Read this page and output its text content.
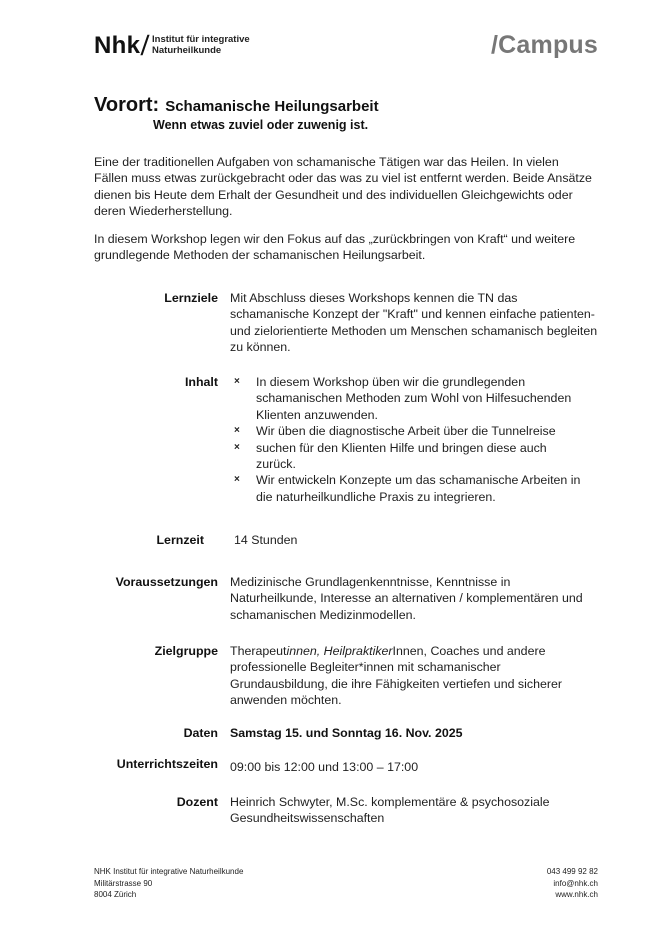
Nhk / Institut für integrative
Naturheilkunde	/Campus
Vorort: Schamanische Heilungsarbeit
Wenn etwas zuviel oder zuwenig ist.

Eine der traditionellen Aufgaben von schamanische Tätigen war das Heilen. In vielen Fällen muss etwas zurückgebracht oder das was zu viel ist entfernt werden. Beide Ansätze dienen bis Heute dem Erhalt der Gesundheit und des individuellen Gleichgewichts oder deren Wiederherstellung.

In diesem Workshop legen wir den Fokus auf das „zurückbringen von Kraft“ und weitere grundlegende Methoden der schamanischen Heilungsarbeit.

Lernziele Mit Abschluss dieses Workshops kennen die TN das schamanische Konzept der "Kraft" und kennen einfache patienten- und zielorientierte Methoden um Menschen schamanisch begleiten zu können.
Inhalt × In diesem Workshop üben wir die grundlegenden schamanischen Methoden zum Wohl von Hilfesuchenden Klienten anzuwenden.
× Wir üben die diagnostische Arbeit über die Tunnelreise
× suchen für den Klienten Hilfe und bringen diese auch zurück.
× Wir entwickeln Konzepte um das schamanische Arbeiten in die naturheilkundliche Praxis zu integrieren.
Lernzeit 14 Stunden
Voraussetzungen Medizinische Grundlagenkenntnisse, Kenntnisse in Naturheilkunde, Interesse an alternativen / komplementären und schamanischen Medizinmodellen.
Zielgruppe Therapeutinnen, HeilpraktikerInnen, Coaches und andere professionelle Begleiter*innen mit schamanischer Grundausbildung, die ihre Fähigkeiten vertiefen und sicherer anwenden möchten.
Daten Samstag 15. und Sonntag 16. Nov. 2025
Unterrichtszeiten 09:00 bis 12:00 und 13:00 – 17:00
Dozent Heinrich Schwyter, M.Sc. komplementäre & psychosoziale Gesundheitswissenschaften
NHK Institut für integrative Naturheilkunde
Militärstrasse 90
8004 Zürich
043 499 92 82
info@nhk.ch
www.nhk.ch
